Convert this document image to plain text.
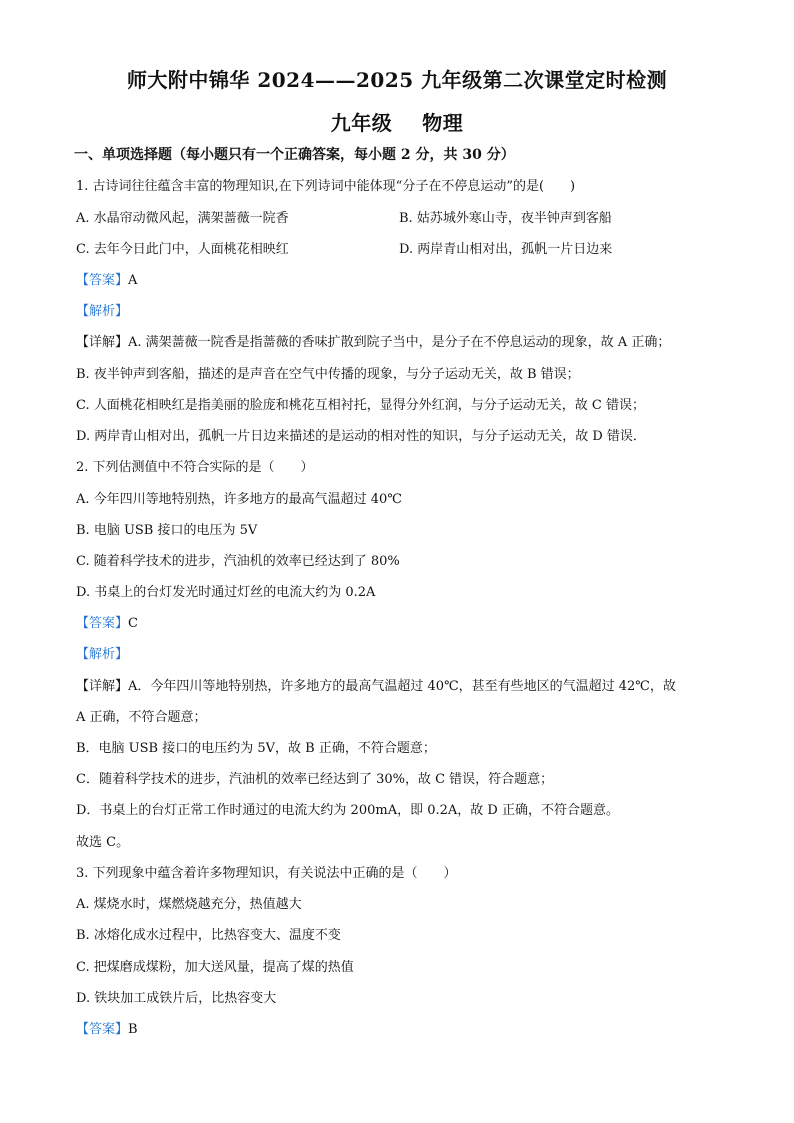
师大附中锦华 2024——2025 九年级第二次课堂定时检测
九年级 物理
一、单项选择题（每小题只有一个正确答案，每小题 2 分，共 30 分）
1. 古诗词往往蕴含丰富的物理知识,在下列诗词中能体现“分子在不停息运动”的是(　　)
A. 水晶帘动微风起，满架蔷薇一院香	B. 姑苏城外寒山寺，夜半钟声到客船
C. 去年今日此门中，人面桃花相映红	D. 两岸青山相对出，孤帆一片日边来
【答案】A
【解析】
【详解】A. 满架蔷薇一院香是指蔷薇的香味扩散到院子当中，是分子在不停息运动的现象，故 A 正确；
B. 夜半钟声到客船，描述的是声音在空气中传播的现象，与分子运动无关，故 B 错误；
C. 人面桃花相映红是指美丽的脸庞和桃花互相衬托，显得分外红润，与分子运动无关，故 C 错误；
D. 两岸青山相对出，孤帆一片日边来描述的是运动的相对性的知识，与分子运动无关，故 D 错误．
2. 下列估测值中不符合实际的是（　　）
A. 今年四川等地特别热，许多地方的最高气温超过 40℃
B. 电脑 USB 接口的电压为 5V
C. 随着科学技术的进步，汽油机的效率已经达到了 80%
D. 书桌上的台灯发光时通过灯丝的电流大约为 0.2A
【答案】C
【解析】
【详解】A．今年四川等地特别热，许多地方的最高气温超过 40℃，甚至有些地区的气温超过 42℃，故
A 正确，不符合题意；
B．电脑 USB 接口的电压约为 5V，故 B 正确，不符合题意；
C．随着科学技术的进步，汽油机的效率已经达到了 30%，故 C 错误，符合题意；
D．书桌上的台灯正常工作时通过的电流大约为 200mA，即 0.2A，故 D 正确，不符合题意。
故选 C。
3. 下列现象中蕴含着许多物理知识，有关说法中正确的是（　　）
A. 煤烧水时，煤燃烧越充分，热值越大
B. 冰熔化成水过程中，比热容变大、温度不变
C. 把煤磨成煤粉，加大送风量，提高了煤的热值
D. 铁块加工成铁片后，比热容变大
【答案】B
